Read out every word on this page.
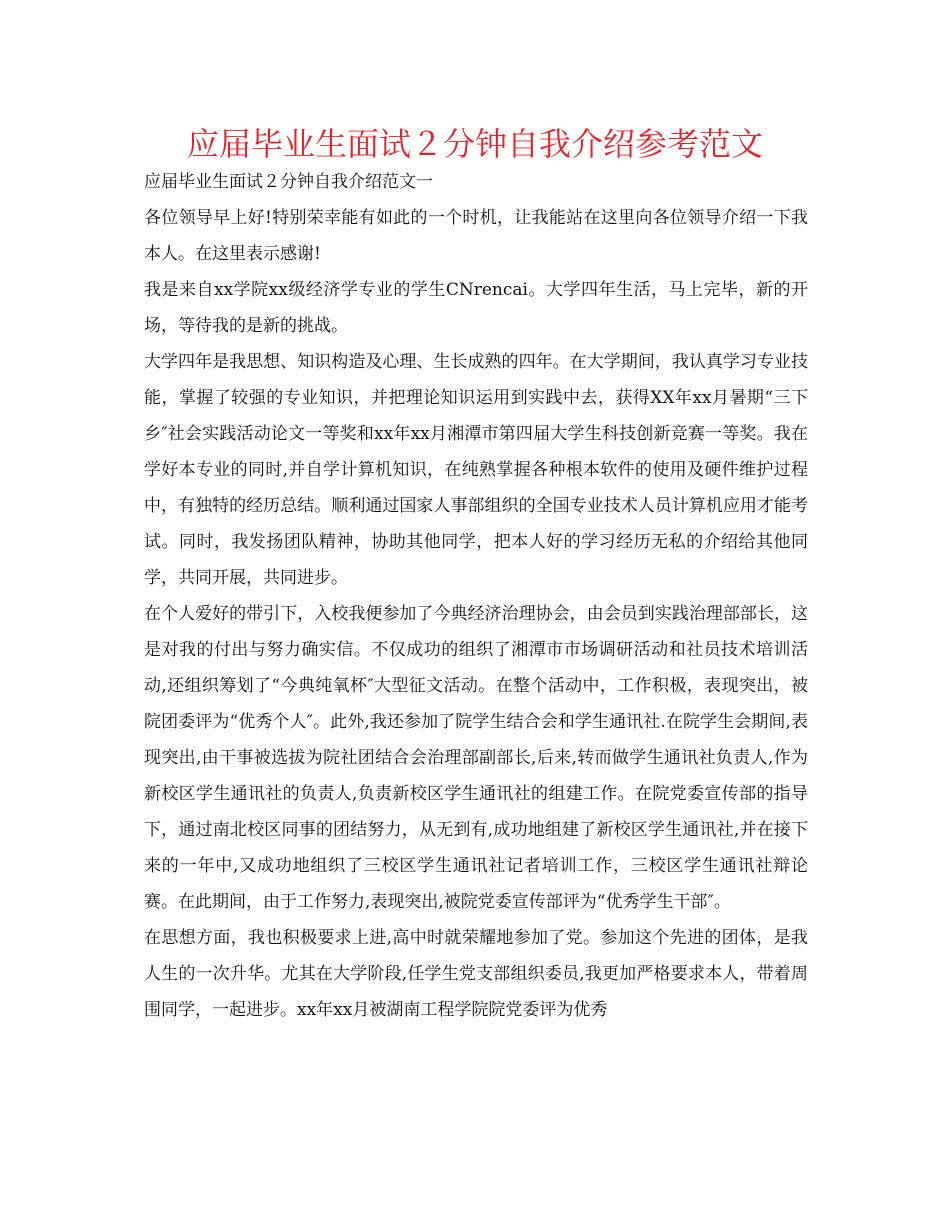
应届毕业生面试２分钟自我介绍参考范文

应届毕业生面试２分钟自我介绍范文一

各位领导早上好!特别荣幸能有如此的一个时机，让我能站在这里向各位领导介绍一下我本人。在这里表示感谢!

我是来自xx学院xx级经济学专业的学生CNrencai。大学四年生活，马上完毕，新的开场，等待我的是新的挑战。

大学四年是我思想、知识构造及心理、生长成熟的四年。在大学期间，我认真学习专业技能，掌握了较强的专业知识，并把理论知识运用到实践中去，获得XX年xx月暑期“三下乡″社会实践活动论文一等奖和xx年xx月湘潭市第四届大学生科技创新竞赛一等奖。我在学好本专业的同时,并自学计算机知识，在纯熟掌握各种根本软件的使用及硬件维护过程中，有独特的经历总结。顺利通过国家人事部组织的全国专业技术人员计算机应用才能考试。同时，我发扬团队精神，协助其他同学，把本人好的学习经历无私的介绍给其他同学，共同开展，共同进步。

在个人爱好的带引下，入校我便参加了今典经济治理协会，由会员到实践治理部部长，这是对我的付出与努力确实信。不仅成功的组织了湘潭市市场调研活动和社员技术培训活动,还组织筹划了“今典纯氧杯″大型征文活动。在整个活动中，工作积极，表现突出，被院团委评为“优秀个人″。此外,我还参加了院学生结合会和学生通讯社.在院学生会期间,表现突出,由干事被选拔为院社团结合会治理部副部长,后来,转而做学生通讯社负责人,作为新校区学生通讯社的负责人,负责新校区学生通讯社的组建工作。在院党委宣传部的指导下，通过南北校区同事的团结努力，从无到有,成功地组建了新校区学生通讯社,并在接下来的一年中,又成功地组织了三校区学生通讯社记者培训工作，三校区学生通讯社辩论赛。在此期间，由于工作努力,表现突出,被院党委宣传部评为“优秀学生干部″。

在思想方面，我也积极要求上进,高中时就荣耀地参加了党。参加这个先进的团体，是我人生的一次升华。尤其在大学阶段,任学生党支部组织委员,我更加严格要求本人，带着周围同学，一起进步。xx年xx月被湖南工程学院院党委评为优秀
